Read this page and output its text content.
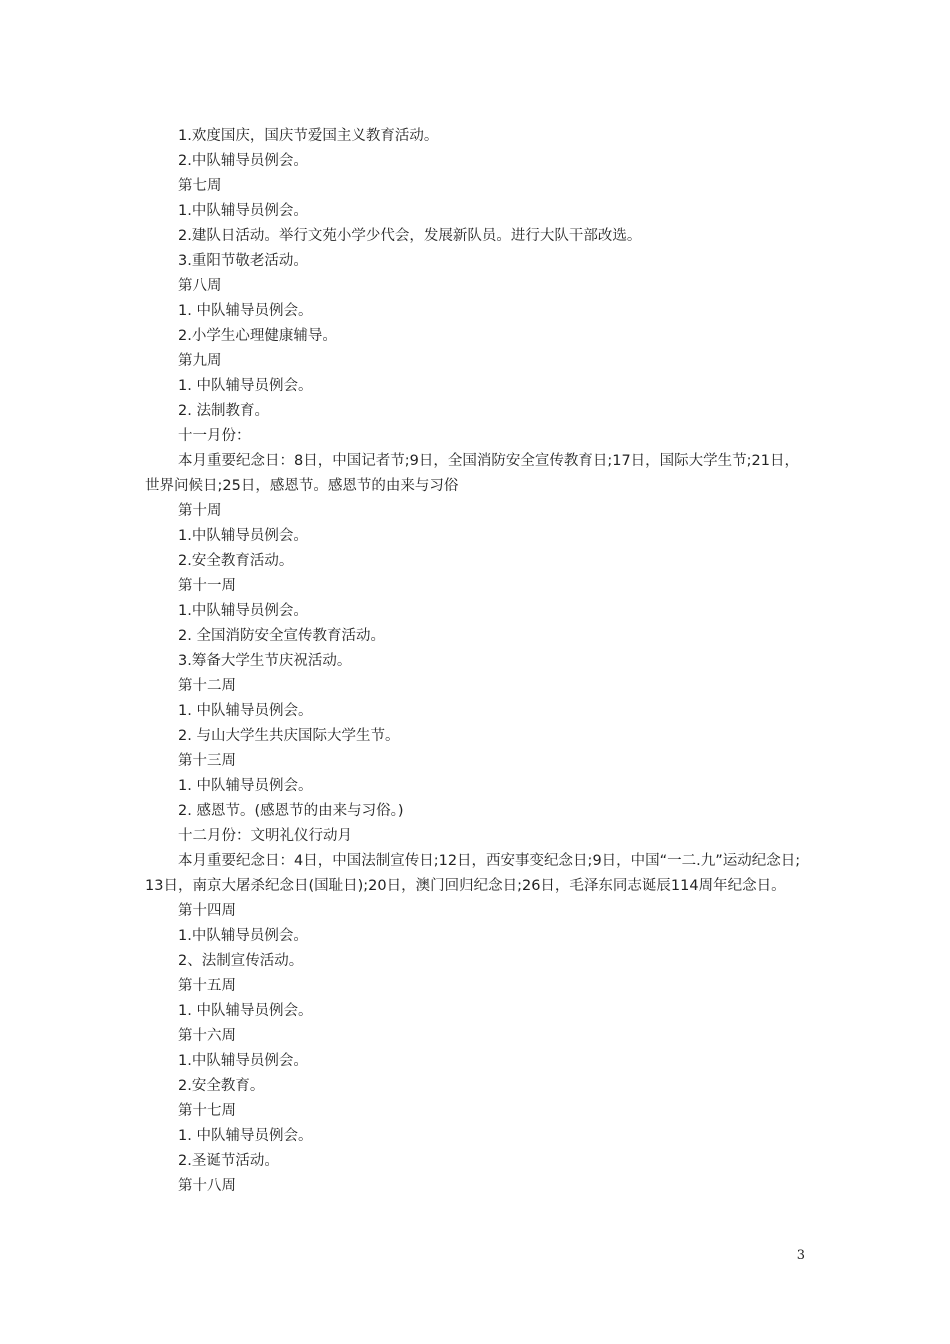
1.欢度国庆，国庆节爱国主义教育活动。

2.中队辅导员例会。

第七周

1.中队辅导员例会。

2.建队日活动。举行文苑小学少代会，发展新队员。进行大队干部改选。

3.重阳节敬老活动。

第八周

1. 中队辅导员例会。

2.小学生心理健康辅导。

第九周

1. 中队辅导员例会。

2. 法制教育。

十一月份：

本月重要纪念日：8日，中国记者节;9日，全国消防安全宣传教育日;17日，国际大学生节;21日，世界问候日;25日，感恩节。感恩节的由来与习俗

第十周

1.中队辅导员例会。

2.安全教育活动。

第十一周

1.中队辅导员例会。

2. 全国消防安全宣传教育活动。

3.筹备大学生节庆祝活动。

第十二周

1. 中队辅导员例会。

2. 与山大学生共庆国际大学生节。

第十三周

1. 中队辅导员例会。

2. 感恩节。(感恩节的由来与习俗。)

十二月份：文明礼仪行动月

本月重要纪念日：4日，中国法制宣传日;12日，西安事变纪念日;9日，中国“一二.九”运动纪念日; 13日，南京大屠杀纪念日(国耻日);20日，澳门回归纪念日;26日，毛泽东同志诞辰114周年纪念日。

第十四周

1.中队辅导员例会。

2、法制宣传活动。

第十五周

1. 中队辅导员例会。

第十六周

1.中队辅导员例会。

2.安全教育。

第十七周

1. 中队辅导员例会。

2.圣诞节活动。

第十八周

3
